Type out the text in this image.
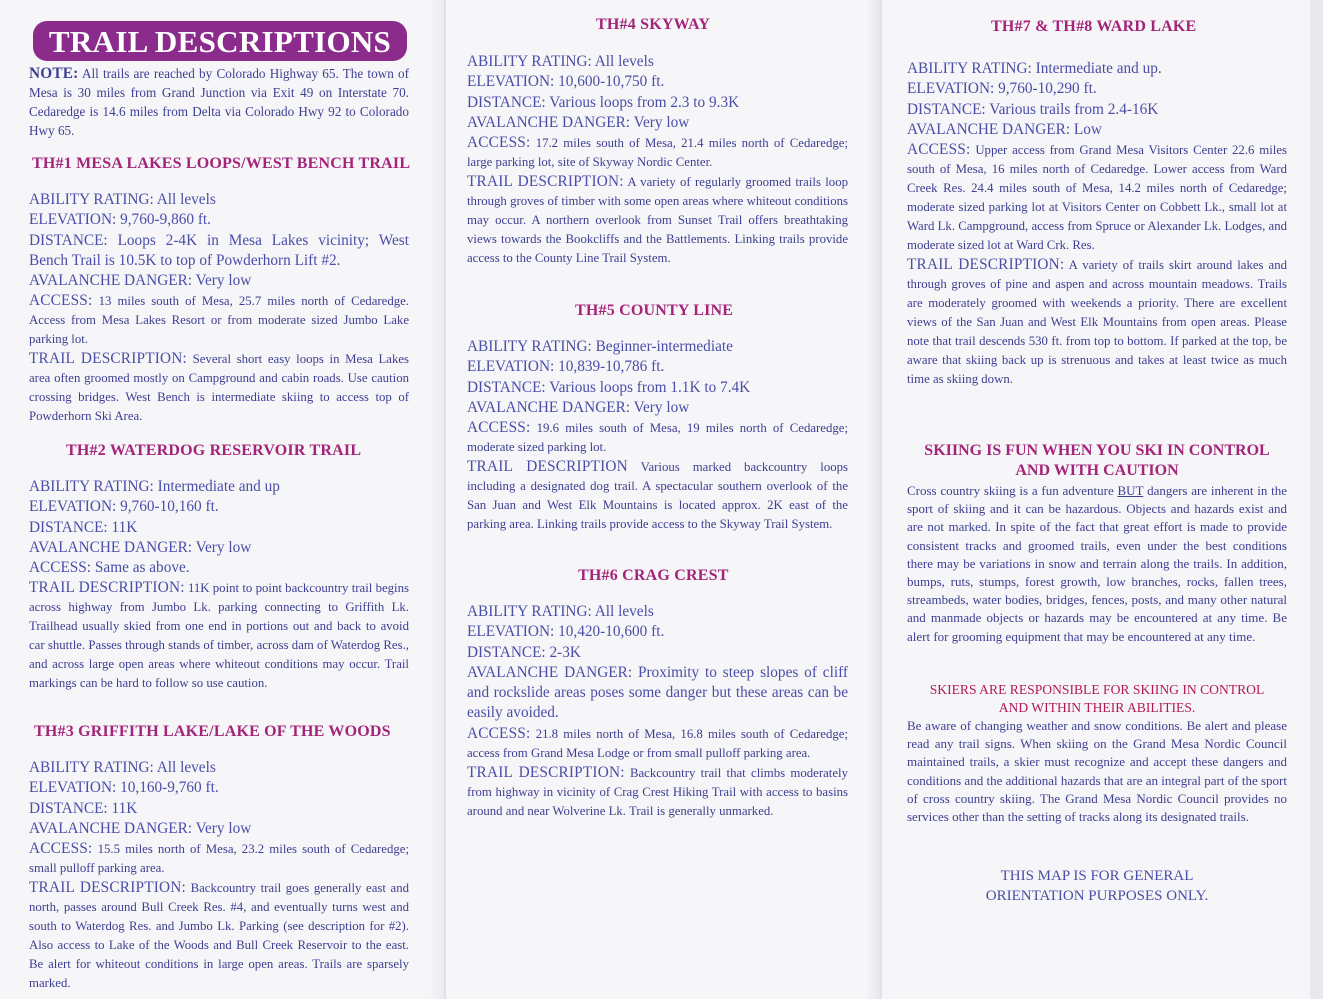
TRAIL DESCRIPTIONS
NOTE: All trails are reached by Colorado Highway 65. The town of Mesa is 30 miles from Grand Junction via Exit 49 on Interstate 70. Cedaredge is 14.6 miles from Delta via Colorado Hwy 92 to Colorado Hwy 65.
TH#1 MESA LAKES LOOPS/WEST BENCH TRAIL

ABILITY RATING: All levels

ELEVATION: 9,760-9,860 ft.

DISTANCE: Loops 2-4K in Mesa Lakes vicinity; West Bench Trail is 10.5K to top of Powderhorn Lift #2.

AVALANCHE DANGER: Very low

ACCESS: 13 miles south of Mesa, 25.7 miles north of Cedaredge. Access from Mesa Lakes Resort or from moderate sized Jumbo Lake parking lot.

TRAIL DESCRIPTION: Several short easy loops in Mesa Lakes area often groomed mostly on Campground and cabin roads. Use caution crossing bridges. West Bench is intermediate skiing to access top of Powderhorn Ski Area.

TH#2 WATERDOG RESERVOIR TRAIL

ABILITY RATING: Intermediate and up

ELEVATION: 9,760-10,160 ft.

DISTANCE: 11K

AVALANCHE DANGER: Very low

ACCESS: Same as above.

TRAIL DESCRIPTION: 11K point to point backcountry trail begins across highway from Jumbo Lk. parking connecting to Griffith Lk. Trailhead usually skied from one end in portions out and back to avoid car shuttle. Passes through stands of timber, across dam of Waterdog Res., and across large open areas where whiteout conditions may occur. Trail markings can be hard to follow so use caution.

TH#3 GRIFFITH LAKE/LAKE OF THE WOODS

ABILITY RATING: All levels

ELEVATION: 10,160-9,760 ft.

DISTANCE: 11K

AVALANCHE DANGER: Very low

ACCESS: 15.5 miles north of Mesa, 23.2 miles south of Cedaredge; small pulloff parking area.

TRAIL DESCRIPTION: Backcountry trail goes generally east and north, passes around Bull Creek Res. #4, and eventually turns west and south to Waterdog Res. and Jumbo Lk. Parking (see description for #2). Also access to Lake of the Woods and Bull Creek Reservoir to the east. Be alert for whiteout conditions in large open areas. Trails are sparsely marked.

TH#4 SKYWAY

ABILITY RATING: All levels

ELEVATION: 10,600-10,750 ft.

DISTANCE: Various loops from 2.3 to 9.3K

AVALANCHE DANGER: Very low

ACCESS: 17.2 miles south of Mesa, 21.4 miles north of Cedaredge; large parking lot, site of Skyway Nordic Center.

TRAIL DESCRIPTION: A variety of regularly groomed trails loop through groves of timber with some open areas where whiteout conditions may occur. A northern overlook from Sunset Trail offers breathtaking views towards the Bookcliffs and the Battlements. Linking trails provide access to the County Line Trail System.

TH#5 COUNTY LINE

ABILITY RATING: Beginner-intermediate

ELEVATION: 10,839-10,786 ft.

DISTANCE: Various loops from 1.1K to 7.4K

AVALANCHE DANGER: Very low

ACCESS: 19.6 miles south of Mesa, 19 miles north of Cedaredge; moderate sized parking lot.

TRAIL DESCRIPTION Various marked backcountry loops including a designated dog trail. A spectacular southern overlook of the San Juan and West Elk Mountains is located approx. 2K east of the parking area. Linking trails provide access to the Skyway Trail System.

TH#6 CRAG CREST

ABILITY RATING: All levels

ELEVATION: 10,420-10,600 ft.

DISTANCE: 2-3K

AVALANCHE DANGER: Proximity to steep slopes of cliff and rockslide areas poses some danger but these areas can be easily avoided.

ACCESS: 21.8 miles north of Mesa, 16.8 miles south of Cedaredge; access from Grand Mesa Lodge or from small pulloff parking area.

TRAIL DESCRIPTION: Backcountry trail that climbs moderately from highway in vicinity of Crag Crest Hiking Trail with access to basins around and near Wolverine Lk. Trail is generally unmarked.

TH#7 & TH#8 WARD LAKE

ABILITY RATING: Intermediate and up.

ELEVATION: 9,760-10,290 ft.

DISTANCE: Various trails from 2.4-16K

AVALANCHE DANGER: Low

ACCESS: Upper access from Grand Mesa Visitors Center 22.6 miles south of Mesa, 16 miles north of Cedaredge. Lower access from Ward Creek Res. 24.4 miles south of Mesa, 14.2 miles north of Cedaredge; moderate sized parking lot at Visitors Center on Cobbett Lk., small lot at Ward Lk. Campground, access from Spruce or Alexander Lk. Lodges, and moderate sized lot at Ward Crk. Res.

TRAIL DESCRIPTION: A variety of trails skirt around lakes and through groves of pine and aspen and across mountain meadows. Trails are moderately groomed with weekends a priority. There are excellent views of the San Juan and West Elk Mountains from open areas. Please note that trail descends 530 ft. from top to bottom. If parked at the top, be aware that skiing back up is strenuous and takes at least twice as much time as skiing down.

SKIING IS FUN WHEN YOU SKI IN CONTROL
AND WITH CAUTION
Cross country skiing is a fun adventure BUT dangers are inherent in the sport of skiing and it can be hazardous. Objects and hazards exist and are not marked. In spite of the fact that great effort is made to provide consistent tracks and groomed trails, even under the best conditions there may be variations in snow and terrain along the trails. In addition, bumps, ruts, stumps, forest growth, low branches, rocks, fallen trees, streambeds, water bodies, bridges, fences, posts, and many other natural and manmade objects or hazards may be encountered at any time. Be alert for grooming equipment that may be encountered at any time.
SKIERS ARE RESPONSIBLE FOR SKIING IN CONTROL
AND WITHIN THEIR ABILITIES.
Be aware of changing weather and snow conditions. Be alert and please read any trail signs. When skiing on the Grand Mesa Nordic Council maintained trails, a skier must recognize and accept these dangers and conditions and the additional hazards that are an integral part of the sport of cross country skiing. The Grand Mesa Nordic Council provides no services other than the setting of tracks along its designated trails.
THIS MAP IS FOR GENERAL
ORIENTATION PURPOSES ONLY.
